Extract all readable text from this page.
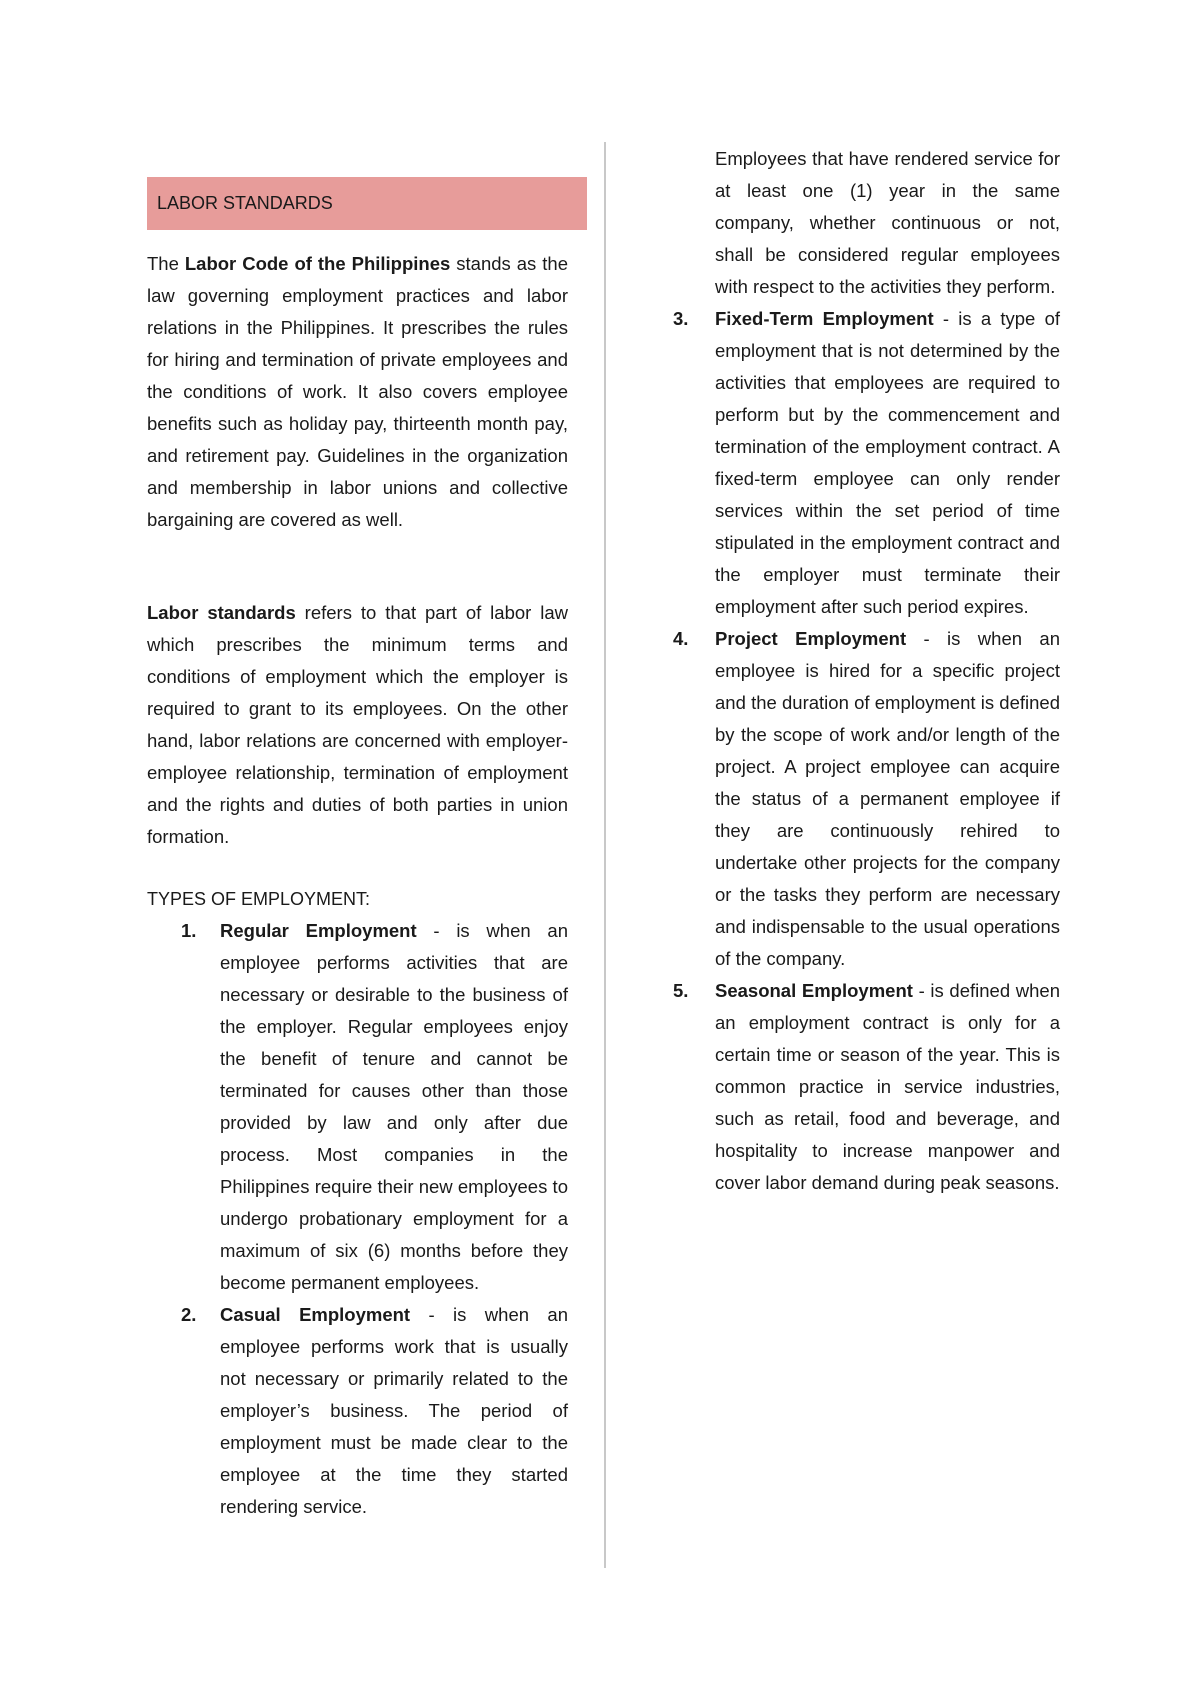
LABOR STANDARDS

The Labor Code of the Philippines stands as the law governing employment practices and labor relations in the Philippines. It prescribes the rules for hiring and termination of private employees and the conditions of work. It also covers employee benefits such as holiday pay, thirteenth month pay, and retirement pay. Guidelines in the organization and membership in labor unions and collective bargaining are covered as well.

Labor standards refers to that part of labor law which prescribes the minimum terms and conditions of employment which the employer is required to grant to its employees. On the other hand, labor relations are concerned with employer-employee relationship, termination of employment and the rights and duties of both parties in union formation.

TYPES OF EMPLOYMENT:
1. Regular Employment - is when an employee performs activities that are necessary or desirable to the business of the employer. Regular employees enjoy the benefit of tenure and cannot be terminated for causes other than those provided by law and only after due process. Most companies in the Philippines require their new employees to undergo probationary employment for a maximum of six (6) months before they become permanent employees.
2. Casual Employment - is when an employee performs work that is usually not necessary or primarily related to the employer’s business. The period of employment must be made clear to the employee at the time they started rendering service.
Employees that have rendered service for at least one (1) year in the same company, whether continuous or not, shall be considered regular employees with respect to the activities they perform.
3. Fixed-Term Employment - is a type of employment that is not determined by the activities that employees are required to perform but by the commencement and termination of the employment contract. A fixed-term employee can only render services within the set period of time stipulated in the employment contract and the employer must terminate their employment after such period expires.
4. Project Employment - is when an employee is hired for a specific project and the duration of employment is defined by the scope of work and/or length of the project. A project employee can acquire the status of a permanent employee if they are continuously rehired to undertake other projects for the company or the tasks they perform are necessary and indispensable to the usual operations of the company.
5. Seasonal Employment - is defined when an employment contract is only for a certain time or season of the year. This is common practice in service industries, such as retail, food and beverage, and hospitality to increase manpower and cover labor demand during peak seasons.
